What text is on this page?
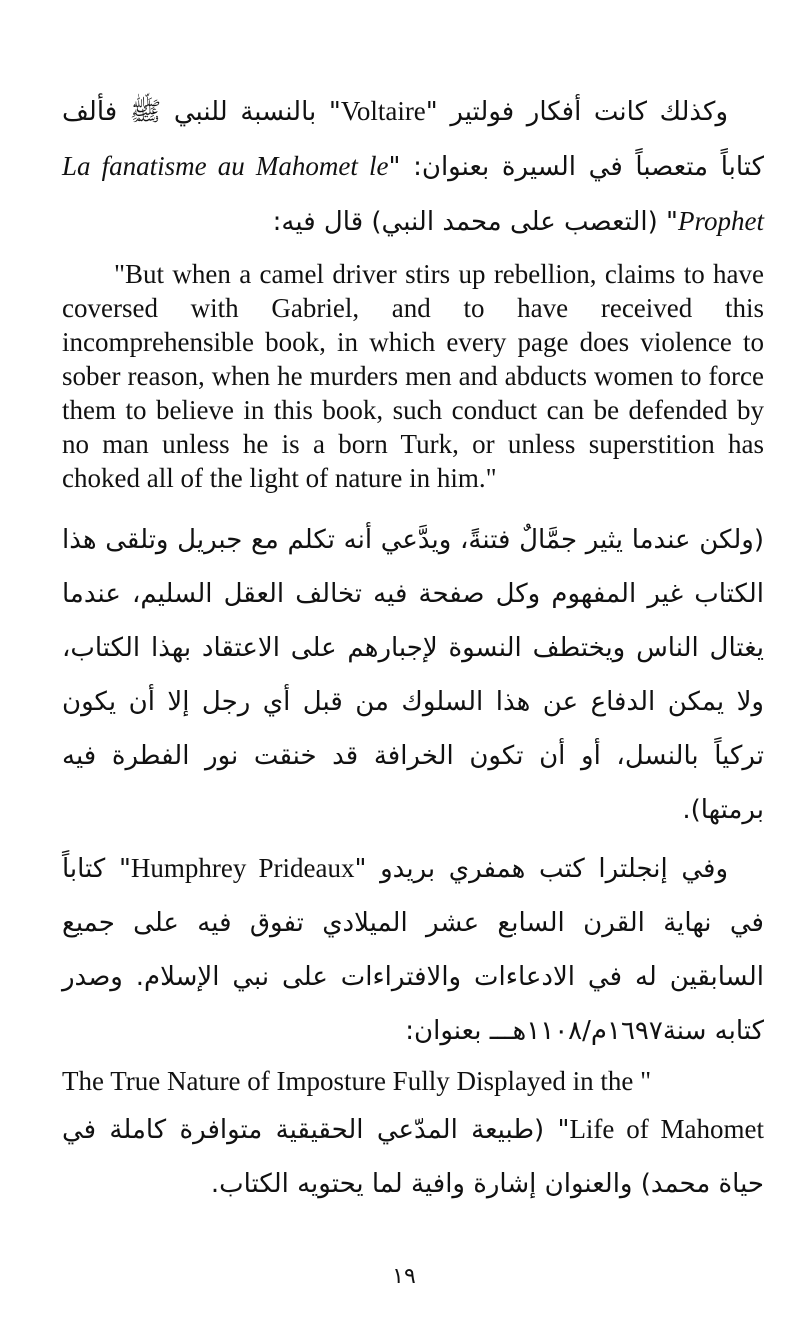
وكذلك كانت أفكار فولتير "Voltaire" بالنسبة للنبي ﷺ فألف كتاباً متعصباً في السيرة بعنوان: "La fanatisme au Mahomet le Prophet" (التعصب على محمد النبي) قال فيه:

"But when a camel driver stirs up rebellion, claims to have coversed with Gabriel, and to have received this incomprehensible book, in which every page does violence to sober reason, when he murders men and abducts women to force them to believe in this book, such conduct can be defended by no man unless he is a born Turk, or unless superstition has choked all of the light of nature in him."

(ولكن عندما يثير جمَّالٌ فتنةً، ويدَّعي أنه تكلم مع جبريل وتلقى هذا الكتاب غير المفهوم وكل صفحة فيه تخالف العقل السليم، عندما يغتال الناس ويختطف النسوة لإجبارهم على الاعتقاد بهذا الكتاب، ولا يمكن الدفاع عن هذا السلوك من قبل أي رجل إلا أن يكون تركياً بالنسل، أو أن تكون الخرافة قد خنقت نور الفطرة فيه برمتها).

وفي إنجلترا كتب همفري بريدو "Humphrey Prideaux" كتاباً في نهاية القرن السابع عشر الميلادي تفوق فيه على جميع السابقين له في الادعاءات والافتراءات على نبي الإسلام. وصدر كتابه سنة١٦٩٧م/١١٠٨هـــ بعنوان:

The True Nature of Imposture Fully Displayed in the "

Life of Mahomet" (طبيعة المدّعي الحقيقية متوافرة كاملة في حياة محمد) والعنوان إشارة وافية لما يحتويه الكتاب.

١٩
